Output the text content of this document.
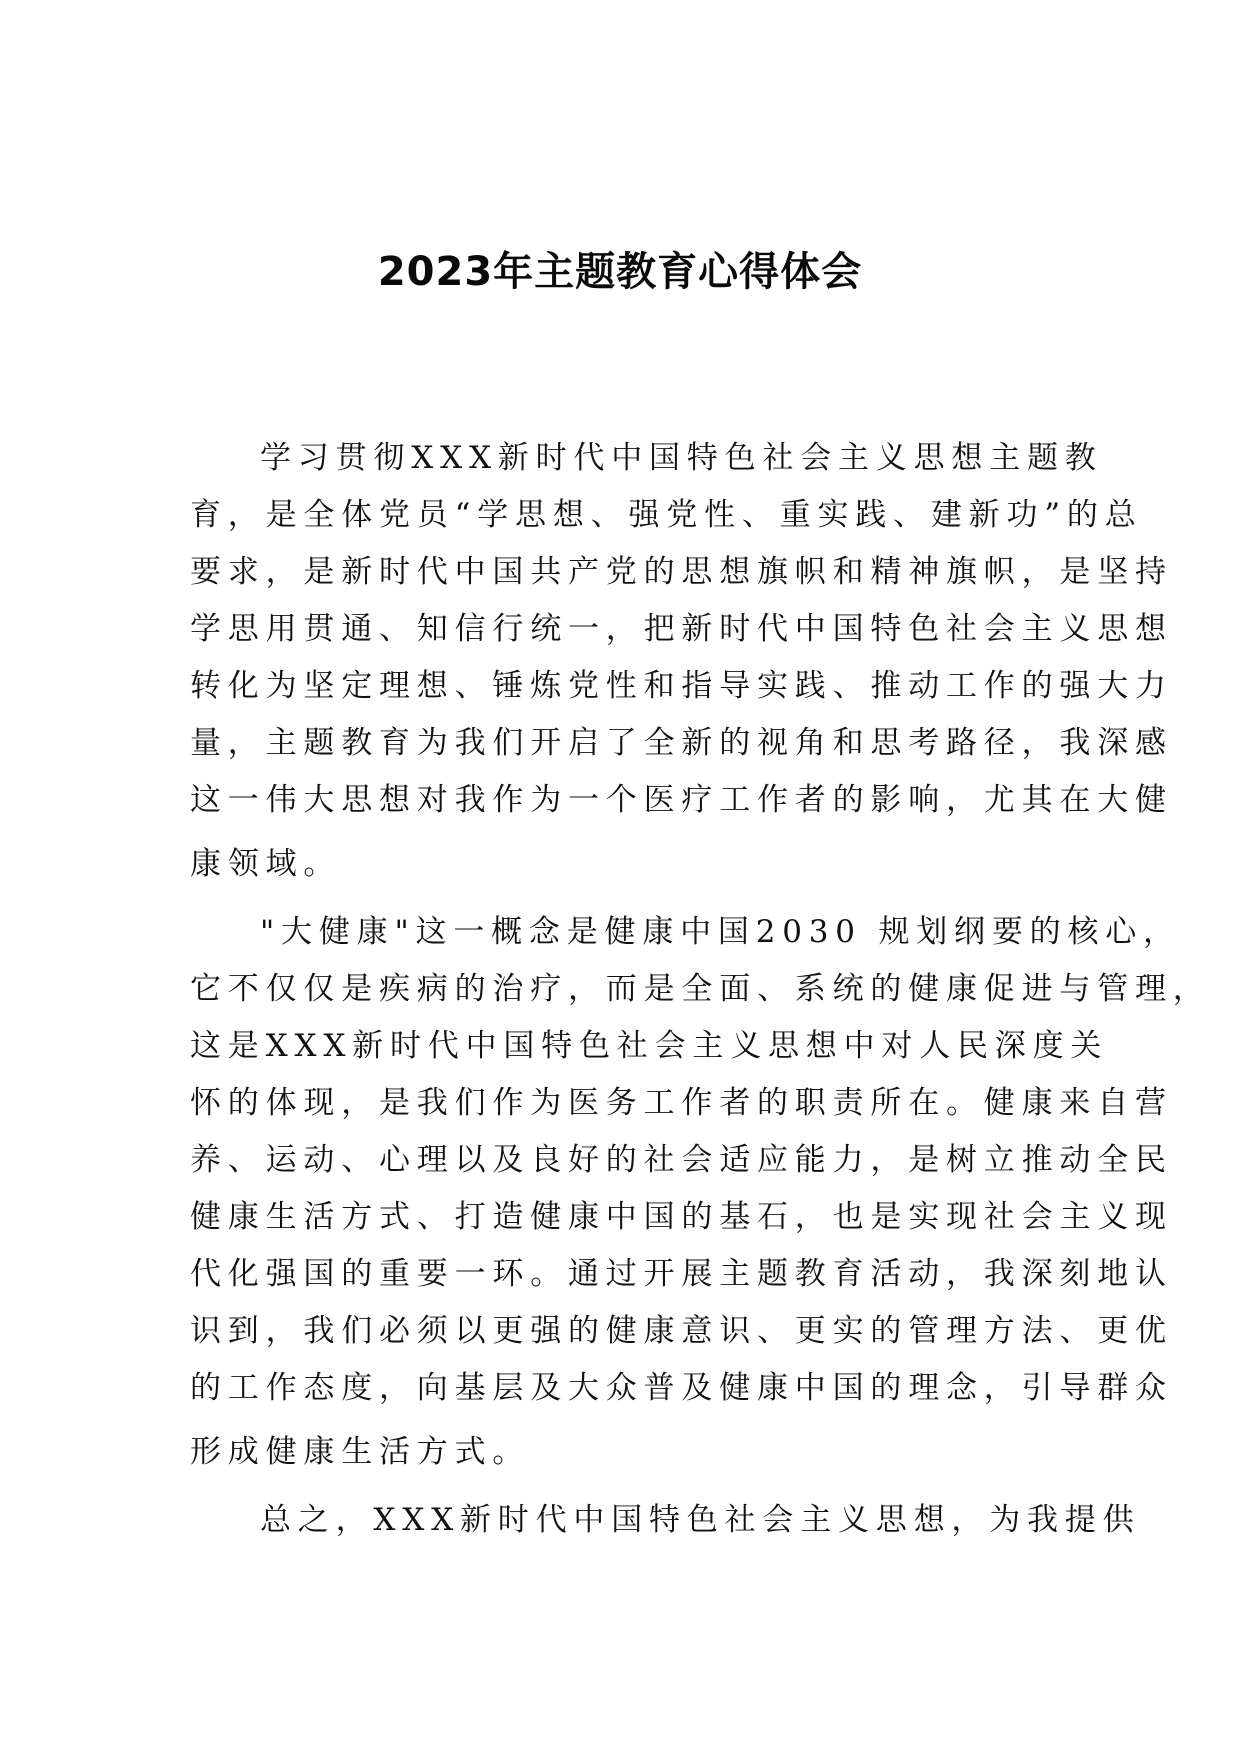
2023年主题教育心得体会

学习贯彻XXX新时代中国特色社会主义思想主题教

育，是全体党员“学思想、强党性、重实践、建新功”的总

要求，是新时代中国共产党的思想旗帜和精神旗帜，是坚持

学思用贯通、知信行统一，把新时代中国特色社会主义思想

转化为坚定理想、锤炼党性和指导实践、推动工作的强大力

量，主题教育为我们开启了全新的视角和思考路径，我深感

这一伟大思想对我作为一个医疗工作者的影响，尤其在大健

康领域。

"大健康"这一概念是健康中国2030 规划纲要的核心，

它不仅仅是疾病的治疗，而是全面、系统的健康促进与管理，

这是XXX新时代中国特色社会主义思想中对人民深度关

怀的体现，是我们作为医务工作者的职责所在。健康来自营

养、运动、心理以及良好的社会适应能力，是树立推动全民

健康生活方式、打造健康中国的基石，也是实现社会主义现

代化强国的重要一环。通过开展主题教育活动，我深刻地认

识到，我们必须以更强的健康意识、更实的管理方法、更优

的工作态度，向基层及大众普及健康中国的理念，引导群众

形成健康生活方式。

总之，XXX新时代中国特色社会主义思想，为我提供
